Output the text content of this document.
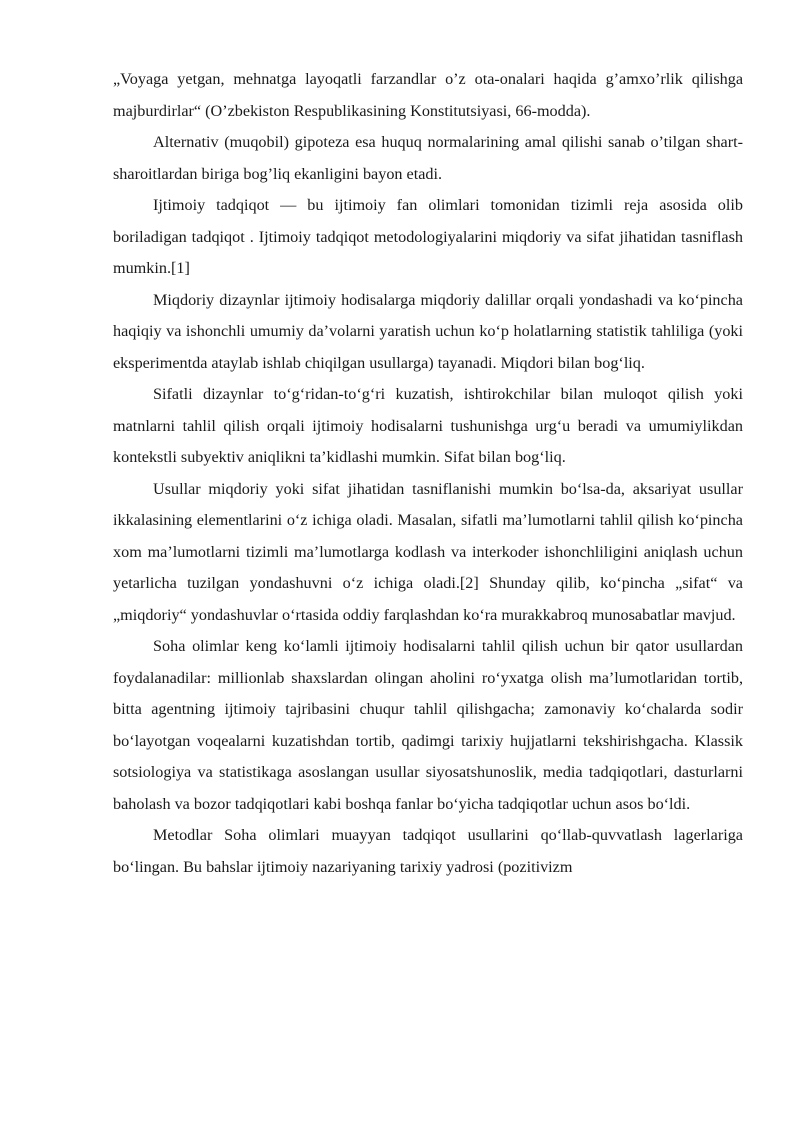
„Voyaga yetgan, mehnatga layoqatli farzandlar o’z ota-onalari haqida g’amxo’rlik qilishga majburdirlar“ (O’zbekiston Respublikasining Konstitutsiyasi, 66-modda).

Alternativ (muqobil) gipoteza esa huquq normalarining amal qilishi sanab o’tilgan shart-sharoitlardan biriga bog’liq ekanligini bayon etadi.

Ijtimoiy tadqiqot — bu ijtimoiy fan olimlari tomonidan tizimli reja asosida olib boriladigan tadqiqot . Ijtimoiy tadqiqot metodologiyalarini miqdoriy va sifat jihatidan tasniflash mumkin.[1]

Miqdoriy dizaynlar ijtimoiy hodisalarga miqdoriy dalillar orqali yondashadi va koʻpincha haqiqiy va ishonchli umumiy daʼvolarni yaratish uchun koʻp holatlarning statistik tahliliga (yoki eksperimentda ataylab ishlab chiqilgan usullarga) tayanadi. Miqdori bilan bogʻliq.

Sifatli dizaynlar toʻgʻridan-toʻgʻri kuzatish, ishtirokchilar bilan muloqot qilish yoki matnlarni tahlil qilish orqali ijtimoiy hodisalarni tushunishga urgʻu beradi va umumiylikdan kontekstli subyektiv aniqlikni taʼkidlashi mumkin. Sifat bilan bogʻliq.

Usullar miqdoriy yoki sifat jihatidan tasniflanishi mumkin boʻlsa-da, aksariyat usullar ikkalasining elementlarini oʻz ichiga oladi. Masalan, sifatli maʼlumotlarni tahlil qilish koʻpincha xom maʼlumotlarni tizimli maʼlumotlarga kodlash va interkoder ishonchliligini aniqlash uchun yetarlicha tuzilgan yondashuvni oʻz ichiga oladi.[2] Shunday qilib, koʻpincha „sifat“ va „miqdoriy“ yondashuvlar oʻrtasida oddiy farqlashdan koʻra murakkabroq munosabatlar mavjud.

Soha olimlar keng koʻlamli ijtimoiy hodisalarni tahlil qilish uchun bir qator usullardan foydalanadilar: millionlab shaxslardan olingan aholini roʻyxatga olish maʼlumotlaridan tortib, bitta agentning ijtimoiy tajribasini chuqur tahlil qilishgacha; zamonaviy koʻchalarda sodir boʻlayotgan voqealarni kuzatishdan tortib, qadimgi tarixiy hujjatlarni tekshirishgacha. Klassik sotsiologiya va statistikaga asoslangan usullar siyosatshunoslik, media tadqiqotlari, dasturlarni baholash va bozor tadqiqotlari kabi boshqa fanlar boʻyicha tadqiqotlar uchun asos boʻldi.

Metodlar Soha olimlari muayyan tadqiqot usullarini qoʻllab-quvvatlash lagerlariga boʻlingan. Bu bahslar ijtimoiy nazariyaning tarixiy yadrosi (pozitivizm
